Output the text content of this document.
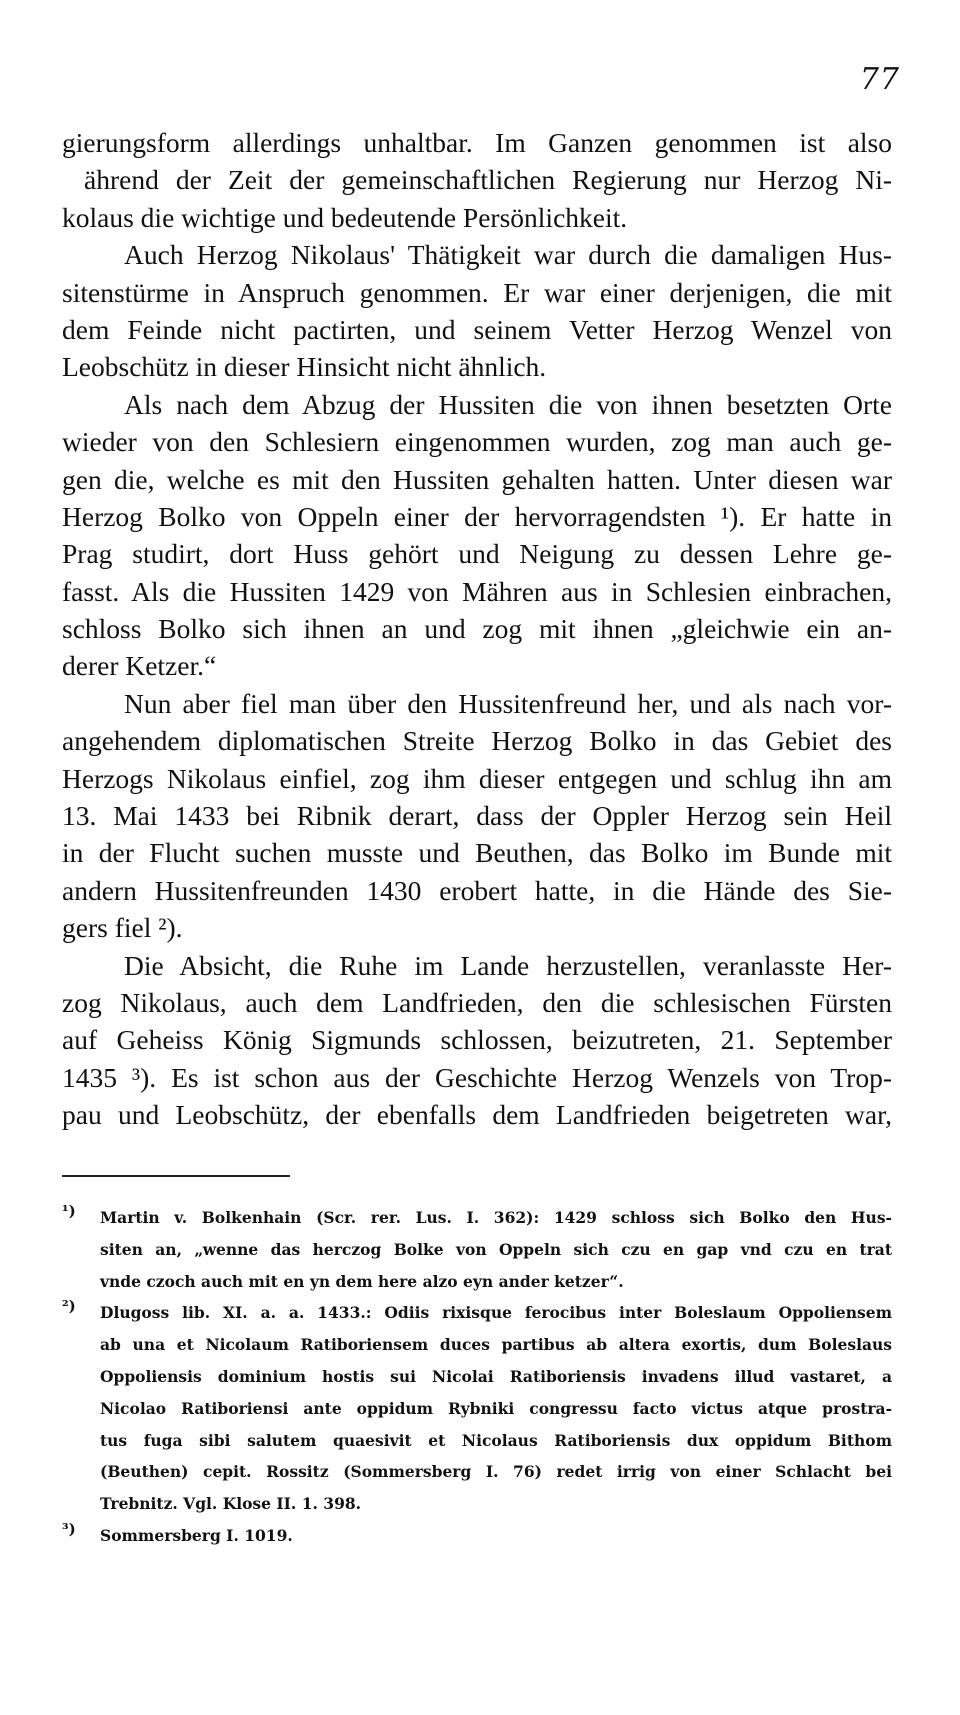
77
gierungsform allerdings unhaltbar. Im Ganzen genommen ist also
ährend der Zeit der gemeinschaftlichen Regierung nur Herzog Ni-
kolaus die wichtige und bedeutende Persönlichkeit.
Auch Herzog Nikolaus' Thätigkeit war durch die damaligen Hus-
sitenstürme in Anspruch genommen. Er war einer derjenigen, die mit
dem Feinde nicht pactirten, und seinem Vetter Herzog Wenzel von
Leobschütz in dieser Hinsicht nicht ähnlich.
Als nach dem Abzug der Hussiten die von ihnen besetzten Orte
wieder von den Schlesiern eingenommen wurden, zog man auch ge-
gen die, welche es mit den Hussiten gehalten hatten. Unter diesen war
Herzog Bolko von Oppeln einer der hervorragendsten ¹). Er hatte in
Prag studirt, dort Huss gehört und Neigung zu dessen Lehre ge-
fasst. Als die Hussiten 1429 von Mähren aus in Schlesien einbrachen,
schloss Bolko sich ihnen an und zog mit ihnen „gleichwie ein an-
derer Ketzer.“
Nun aber fiel man über den Hussitenfreund her, und als nach vor-
angehendem diplomatischen Streite Herzog Bolko in das Gebiet des
Herzogs Nikolaus einfiel, zog ihm dieser entgegen und schlug ihn am
13. Mai 1433 bei Ribnik derart, dass der Oppler Herzog sein Heil
in der Flucht suchen musste und Beuthen, das Bolko im Bunde mit
andern Hussitenfreunden 1430 erobert hatte, in die Hände des Sie-
gers fiel ²).
Die Absicht, die Ruhe im Lande herzustellen, veranlasste Her-
zog Nikolaus, auch dem Landfrieden, den die schlesischen Fürsten
auf Geheiss König Sigmunds schlossen, beizutreten, 21. September
1435 ³). Es ist schon aus der Geschichte Herzog Wenzels von Trop-
pau und Leobschütz, der ebenfalls dem Landfrieden beigetreten war,
¹)	Martin v. Bolkenhain (Scr. rer. Lus. I. 362): 1429 schloss sich Bolko den Hus-
siten an, „wenne das herczog Bolke von Oppeln sich czu en gap vnd czu en trat
vnde czoch auch mit en yn dem here alzo eyn ander ketzer“.
²)	Dlugoss lib. XI. a. a. 1433.: Odiis rixisque ferocibus inter Boleslaum Oppoliensem
ab una et Nicolaum Ratiboriensem duces partibus ab altera exortis, dum Boleslaus
Oppoliensis dominium hostis sui Nicolai Ratiboriensis invadens illud vastaret, a
Nicolao Ratiboriensi ante oppidum Rybniki congressu facto victus atque prostra-
tus fuga sibi salutem quaesivit et Nicolaus Ratiboriensis dux oppidum Bithom
(Beuthen) cepit. Rossitz (Sommersberg I. 76) redet irrig von einer Schlacht bei
Trebnitz. Vgl. Klose II. 1. 398.
³)	Sommersberg I. 1019.
